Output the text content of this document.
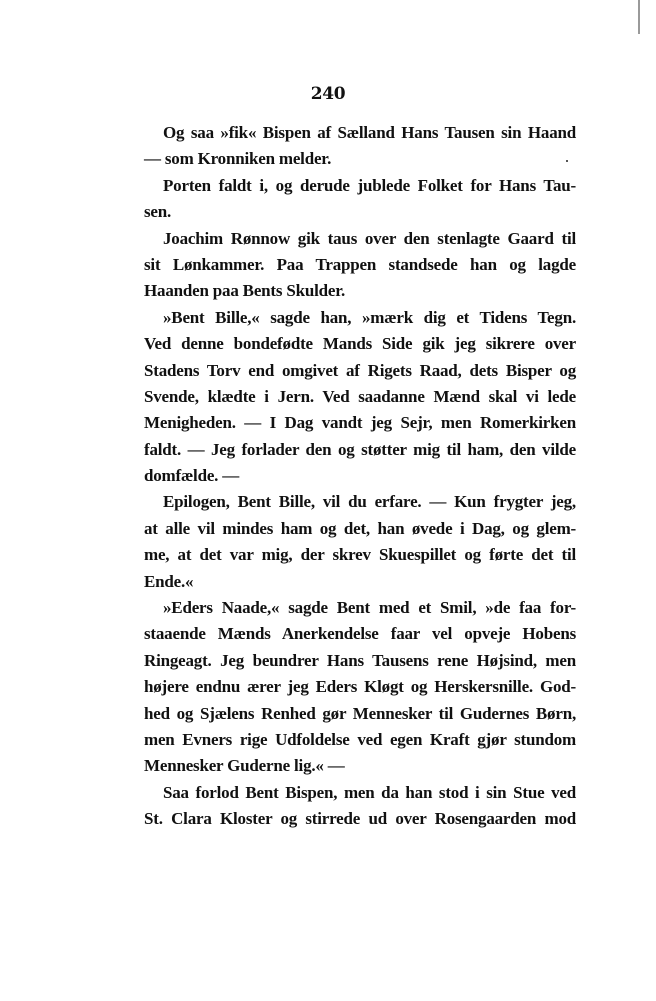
240
Og saa »fik« Bispen af Sælland Hans Tausen sin Haand
— som Kronniken melder.
Porten faldt i, og derude jublede Folket for Hans Tau-
sen.
Joachim Rønnow gik taus over den stenlagte Gaard til
sit Lønkammer. Paa Trappen standsede han og lagde
Haanden paa Bents Skulder.
»Bent Bille,« sagde han, »mærk dig et Tidens Tegn.
Ved denne bondefødte Mands Side gik jeg sikrere over
Stadens Torv end omgivet af Rigets Raad, dets Bisper og
Svende, klædte i Jern. Ved saadanne Mænd skal vi lede
Menigheden. — I Dag vandt jeg Sejr, men Romerkirken
faldt. — Jeg forlader den og støtter mig til ham, den vilde
domfælde. —
Epilogen, Bent Bille, vil du erfare. — Kun frygter jeg,
at alle vil mindes ham og det, han øvede i Dag, og glem-
me, at det var mig, der skrev Skuespillet og førte det til
Ende.«
»Eders Naade,« sagde Bent med et Smil, »de faa for-
staaende Mænds Anerkendelse faar vel opveje Hobens
Ringeagt. Jeg beundrer Hans Tausens rene Højsind, men
højere endnu ærer jeg Eders Kløgt og Herskersnille. God-
hed og Sjælens Renhed gør Mennesker til Gudernes Børn,
men Evners rige Udfoldelse ved egen Kraft gjør stundom
Mennesker Guderne lig.« —
Saa forlod Bent Bispen, men da han stod i sin Stue ved
St. Clara Kloster og stirrede ud over Rosengaarden mod
